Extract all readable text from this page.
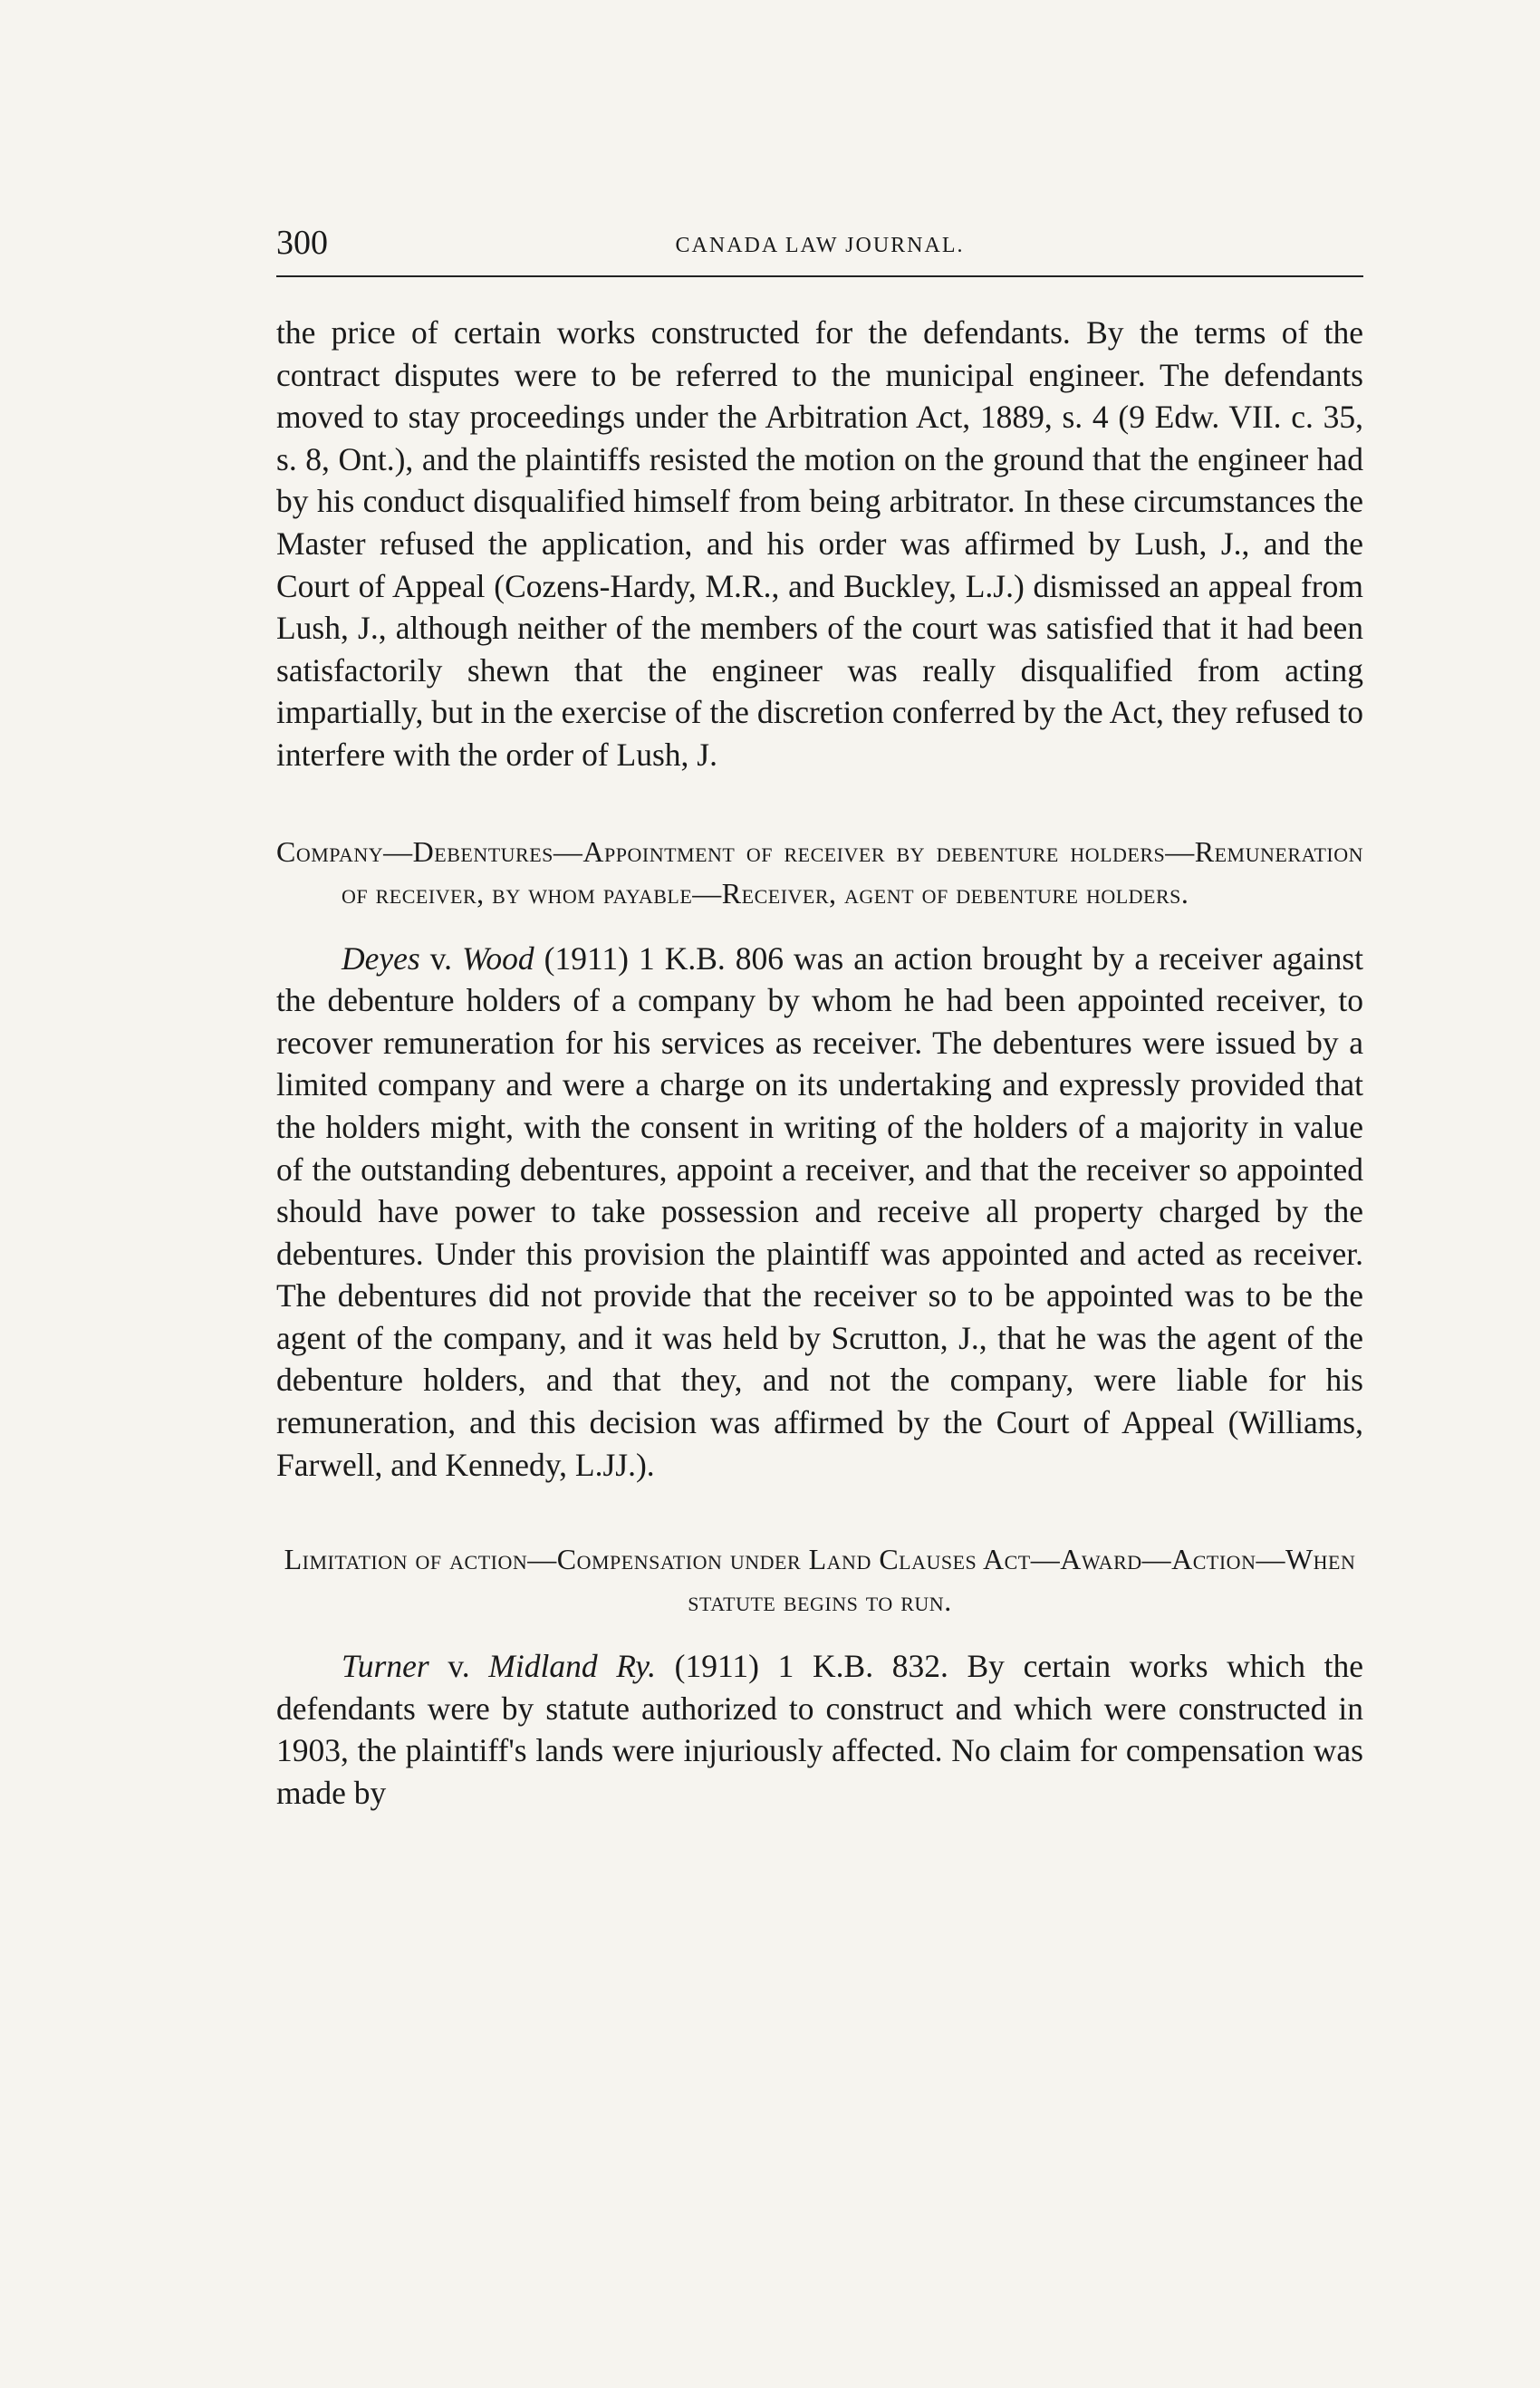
300	CANADA LAW JOURNAL.

the price of certain works constructed for the defendants. By the terms of the contract disputes were to be referred to the municipal engineer. The defendants moved to stay proceedings under the Arbitration Act, 1889, s. 4 (9 Edw. VII. c. 35, s. 8, Ont.), and the plaintiffs resisted the motion on the ground that the engineer had by his conduct disqualified himself from being arbitrator. In these circumstances the Master refused the application, and his order was affirmed by Lush, J., and the Court of Appeal (Cozens-Hardy, M.R., and Buckley, L.J.) dismissed an appeal from Lush, J., although neither of the members of the court was satisfied that it had been satisfactorily shewn that the engineer was really disqualified from acting impartially, but in the exercise of the discretion conferred by the Act, they refused to interfere with the order of Lush, J.

Company—Debentures—Appointment of receiver by debenture holders—Remuneration of receiver, by whom payable—Receiver, agent of debenture holders.

Deyes v. Wood (1911) 1 K.B. 806 was an action brought by a receiver against the debenture holders of a company by whom he had been appointed receiver, to recover remuneration for his services as receiver. The debentures were issued by a limited company and were a charge on its undertaking and expressly provided that the holders might, with the consent in writing of the holders of a majority in value of the outstanding debentures, appoint a receiver, and that the receiver so appointed should have power to take possession and receive all property charged by the debentures. Under this provision the plaintiff was appointed and acted as receiver. The debentures did not provide that the receiver so to be appointed was to be the agent of the company, and it was held by Scrutton, J., that he was the agent of the debenture holders, and that they, and not the company, were liable for his remuneration, and this decision was affirmed by the Court of Appeal (Williams, Farwell, and Kennedy, L.JJ.).

Limitation of action—Compensation under Land Clauses Act—Award—Action—When statute begins to run.

Turner v. Midland Ry. (1911) 1 K.B. 832. By certain works which the defendants were by statute authorized to construct and which were constructed in 1903, the plaintiff's lands were injuriously affected. No claim for compensation was made by
